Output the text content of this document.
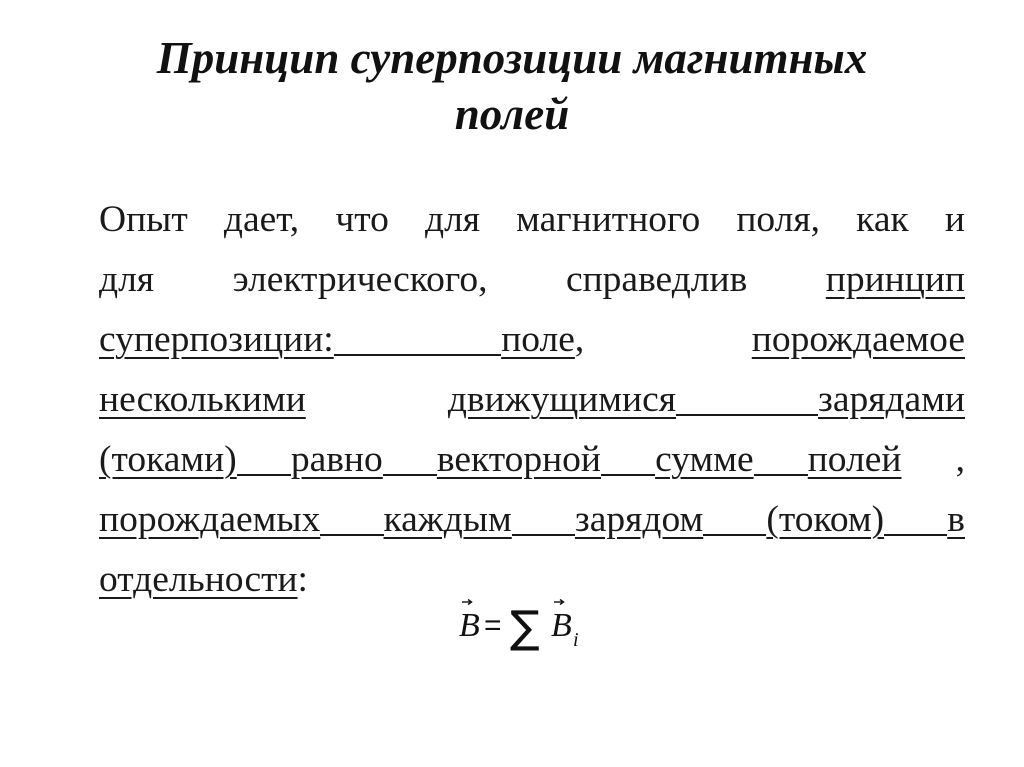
Принцип суперпозиции магнитных
полей
Опыт дает, что для магнитного поля, как и
для электрического, справедлив принцип
суперпозиции:	поле ,	порождаемое
несколькими	движущимися	зарядами
(токами) равно векторной сумме полей ,
порождаемых каждым зарядом (током) в
отдельности :
B = ∑ B i
